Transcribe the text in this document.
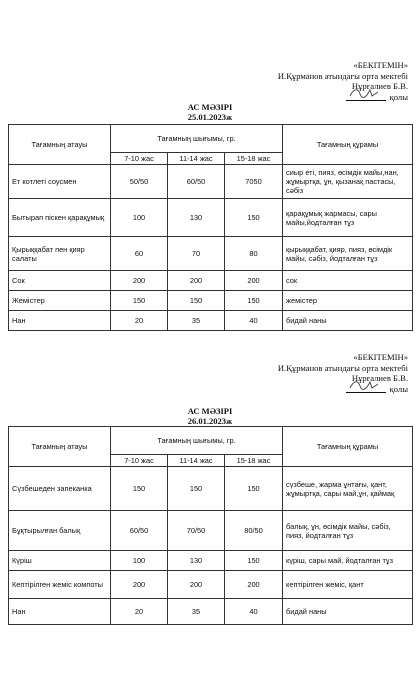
«БЕКІТЕМІН»
И.Құрманов атындағы орта мектебі
Нұрғалиев Б.В.
қолы
АС МӘЗІРІ
25.01.2023ж
Тағамның атауы	Тағамның шығымы, гр.			Тағамның құрамы
	7-10 жас	11-14 жас	15-18 жас	
Ет котлеті соусмен	50/50	60/50	7050	сиыр еті, пияз, өсімдік майы,нан, жұмыртқа, ұн, қызанақ пастасы, сәбіз
Бытырап піскен қарақұмық	100	130	150	қарақұмық жармасы, сары майы,йодталған тұз
Қырыққабат пен қияр салаты	60	70	80	қырыққабат, қияр, пияз, өсімдік майы, сәбіз, йодталған тұз
Сок	200	200	200	сок
Жемістер	150	150	150	жемістер
Нан	20	35	40	бидай наны
«БЕКІТЕМІН»
И.Құрманов атындағы орта мектебі
Нұрғалиев Б.В.
қолы
АС МӘЗІРІ
26.01.2023ж
Тағамның атауы	Тағамның шығымы, гр.			Тағамның құрамы
	7-10 жас	11-14 жас	15-18 жас	
Сүзбешеден запеканка	150	150	150	сүзбеше, жарма ұнтағы, қант, жұмыртқа, сары май,ұн, қаймақ
Бұқтырылған балық	60/50	70/50	80/50	балық, ұн, өсімдік майы, сәбіз, пияз, йодталған тұз
Күріш	100	130	150	күріш, сары май, йодталған тұз
Кептірілген жеміс компоты	200	200	200	кептірілген жеміс, қант
Нан	20	35	40	бидай наны
